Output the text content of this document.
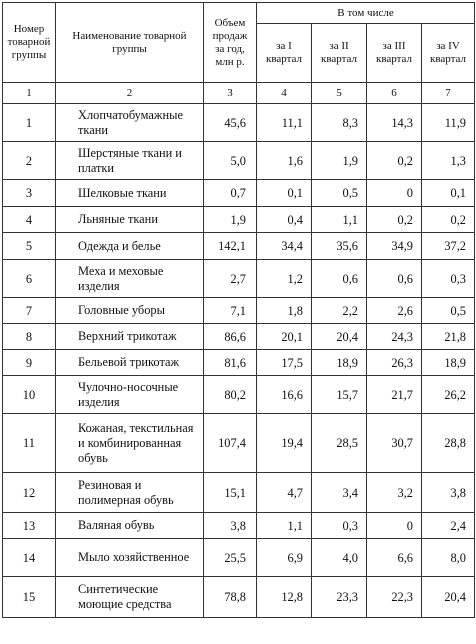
Номер товарной группы	Наименование товарной группы	Объем продаж за год, млн р.	В том числе			
			за I квартал	за II квартал	за III квартал	за IV квартал
1	2	3	4	5	6	7
1	Хлопчатобумажные ткани	45,6	11,1	8,3	14,3	11,9
2	Шерстяные ткани и платки	5,0	1,6	1,9	0,2	1,3
3	Шелковые ткани	0,7	0,1	0,5	0	0,1
4	Льняные ткани	1,9	0,4	1,1	0,2	0,2
5	Одежда и белье	142,1	34,4	35,6	34,9	37,2
6	Меха и меховые изделия	2,7	1,2	0,6	0,6	0,3
7	Головные уборы	7,1	1,8	2,2	2,6	0,5
8	Верхний трикотаж	86,6	20,1	20,4	24,3	21,8
9	Бельевой трикотаж	81,6	17,5	18,9	26,3	18,9
10	Чулочно-носочные изделия	80,2	16,6	15,7	21,7	26,2
11	Кожаная, текстильная и комбинированная обувь	107,4	19,4	28,5	30,7	28,8
12	Резиновая и полимерная обувь	15,1	4,7	3,4	3,2	3,8
13	Валяная обувь	3,8	1,1	0,3	0	2,4
14	Мыло хозяйственное	25,5	6,9	4,0	6,6	8,0
15	Синтетические моющие средства	78,8	12,8	23,3	22,3	20,4
